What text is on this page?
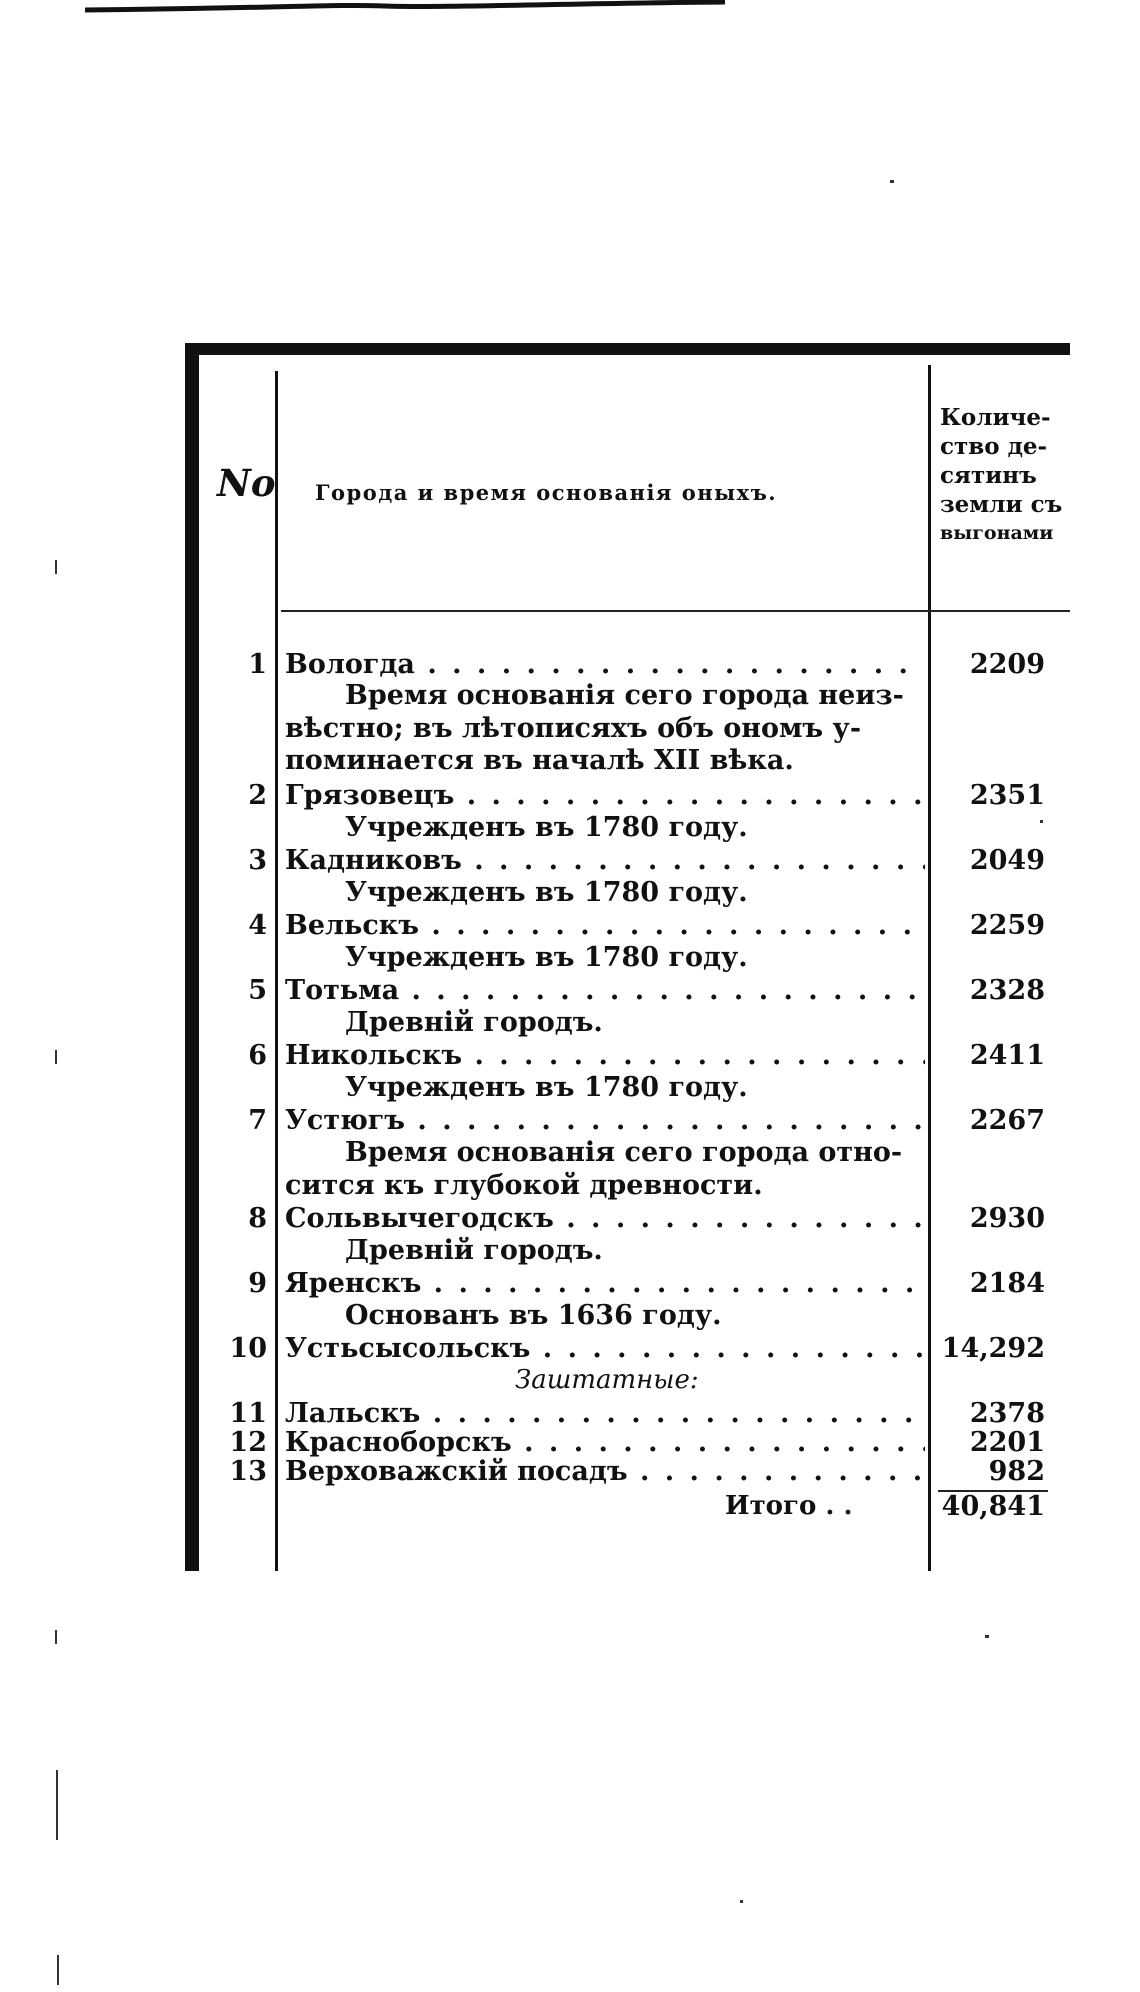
No Города и время основанія оныхъ.
Количе-
ство де-
сятинъ
земли съ
выгонами
1 Вологда . . .	2209
Время основанія сего города неиз-
вѣстно; въ лѣтописяхъ объ ономъ у-
поминается въ началѣ XII вѣка.
2 Грязовецъ . . .	2351
Учрежденъ въ 1780 году.
3 Кадниковъ . . .	2049
Учрежденъ въ 1780 году.
4 Вельскъ . . .	2259
Учрежденъ въ 1780 году.
5 Тотьма . . .	2328
Древній городъ.
6 Никольскъ . . .	2411
Учрежденъ въ 1780 году.
7 Устюгъ . . .	2267
Время основанія сего города отно-
сится къ глубокой древности.
8 Сольвычегодскъ . . .	2930
Древній городъ.
9 Яренскъ . . .	2184
Основанъ въ 1636 году.
10 Устьсысольскъ . . .	14,292
Заштатные:
11 Лальскъ . . .	2378
12 Красноборскъ . . .	2201
13 Верховажскій посадъ . . .	982
Итого . .	40,841
